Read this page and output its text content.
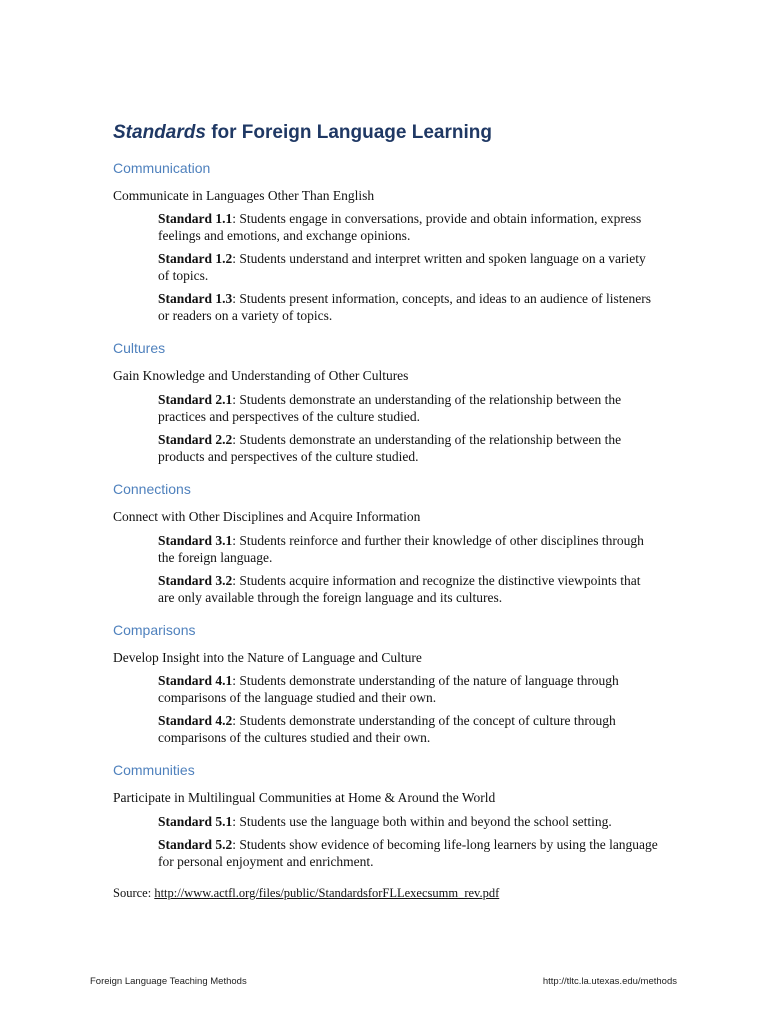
Standards for Foreign Language Learning
Communication
Communicate in Languages Other Than English
Standard 1.1: Students engage in conversations, provide and obtain information, express feelings and emotions, and exchange opinions.
Standard 1.2: Students understand and interpret written and spoken language on a variety of topics.
Standard 1.3: Students present information, concepts, and ideas to an audience of listeners or readers on a variety of topics.
Cultures
Gain Knowledge and Understanding of Other Cultures
Standard 2.1: Students demonstrate an understanding of the relationship between the practices and perspectives of the culture studied.
Standard 2.2: Students demonstrate an understanding of the relationship between the products and perspectives of the culture studied.
Connections
Connect with Other Disciplines and Acquire Information
Standard 3.1: Students reinforce and further their knowledge of other disciplines through the foreign language.
Standard 3.2: Students acquire information and recognize the distinctive viewpoints that are only available through the foreign language and its cultures.
Comparisons
Develop Insight into the Nature of Language and Culture
Standard 4.1: Students demonstrate understanding of the nature of language through comparisons of the language studied and their own.
Standard 4.2: Students demonstrate understanding of the concept of culture through comparisons of the cultures studied and their own.
Communities
Participate in Multilingual Communities at Home & Around the World
Standard 5.1: Students use the language both within and beyond the school setting.
Standard 5.2: Students show evidence of becoming life-long learners by using the language for personal enjoyment and enrichment.
Source: http://www.actfl.org/files/public/StandardsforFLLexecsumm_rev.pdf
Foreign Language Teaching Methods	http://tltc.la.utexas.edu/methods
